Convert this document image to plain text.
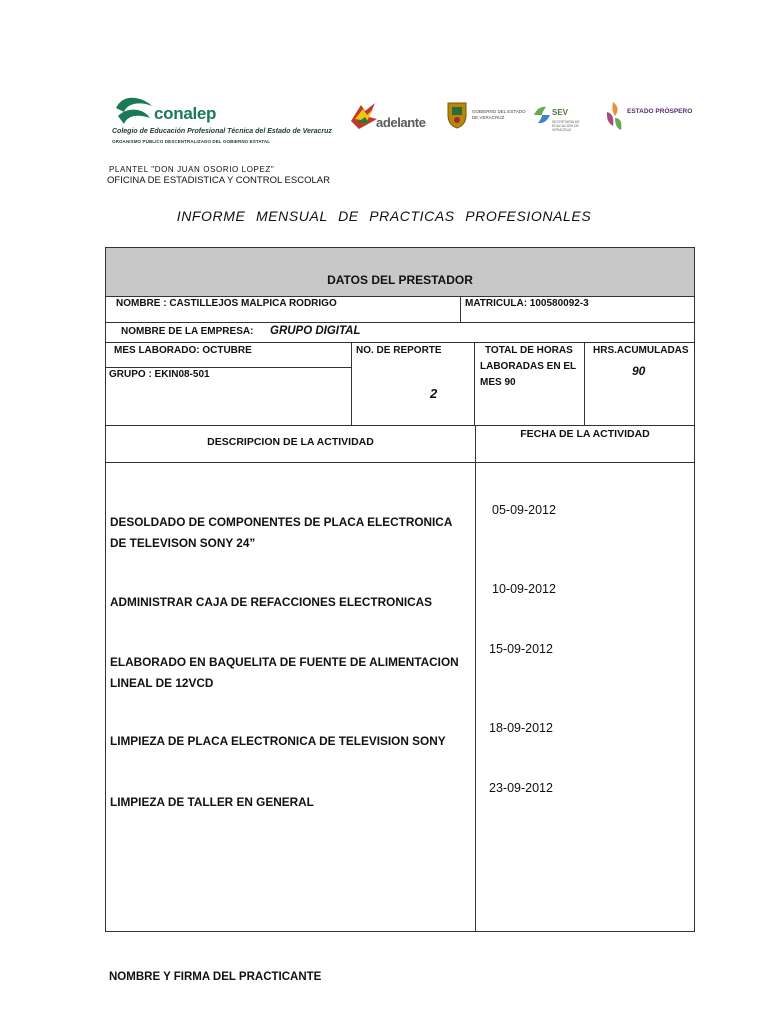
conalep
Colegio de Educación Profesional Técnica del Estado de Veracruz
ORGANISMO PÚBLICO DESCENTRALIZADO DEL GOBIERNO ESTATAL
adelante
GOBIERNO DEL ESTADO DE VERACRUZ
SEV
SECRETARÍA DE EDUCACIÓN DE VERACRUZ
ESTADO PRÓSPERO
PLANTEL "DON JUAN OSORIO LOPEZ"
OFICINA DE ESTADISTICA Y CONTROL ESCOLAR
INFORME MENSUAL DE PRACTICAS PROFESIONALES
DATOS DEL PRESTADOR
NOMBRE : CASTILLEJOS MALPICA RODRIGO	MATRICULA: 100580092-3
NOMBRE DE LA EMPRESA: GRUPO DIGITAL
MES LABORADO: OCTUBRE
GRUPO : EKIN08-501
NO. DE REPORTE
2
TOTAL DE HORAS
LABORADAS EN EL
MES 90
HRS.ACUMULADAS
90
DESCRIPCION DE LA ACTIVIDAD
FECHA DE LA ACTIVIDAD
DESOLDADO DE COMPONENTES DE PLACA ELECTRONICA DE TELEVISON SONY 24”
05-09-2012
ADMINISTRAR CAJA DE REFACCIONES ELECTRONICAS
10-09-2012
ELABORADO EN BAQUELITA DE FUENTE DE ALIMENTACION LINEAL DE 12VCD
15-09-2012
LIMPIEZA DE PLACA ELECTRONICA DE TELEVISION SONY
18-09-2012
LIMPIEZA DE TALLER EN GENERAL
23-09-2012
NOMBRE Y FIRMA DEL PRACTICANTE
